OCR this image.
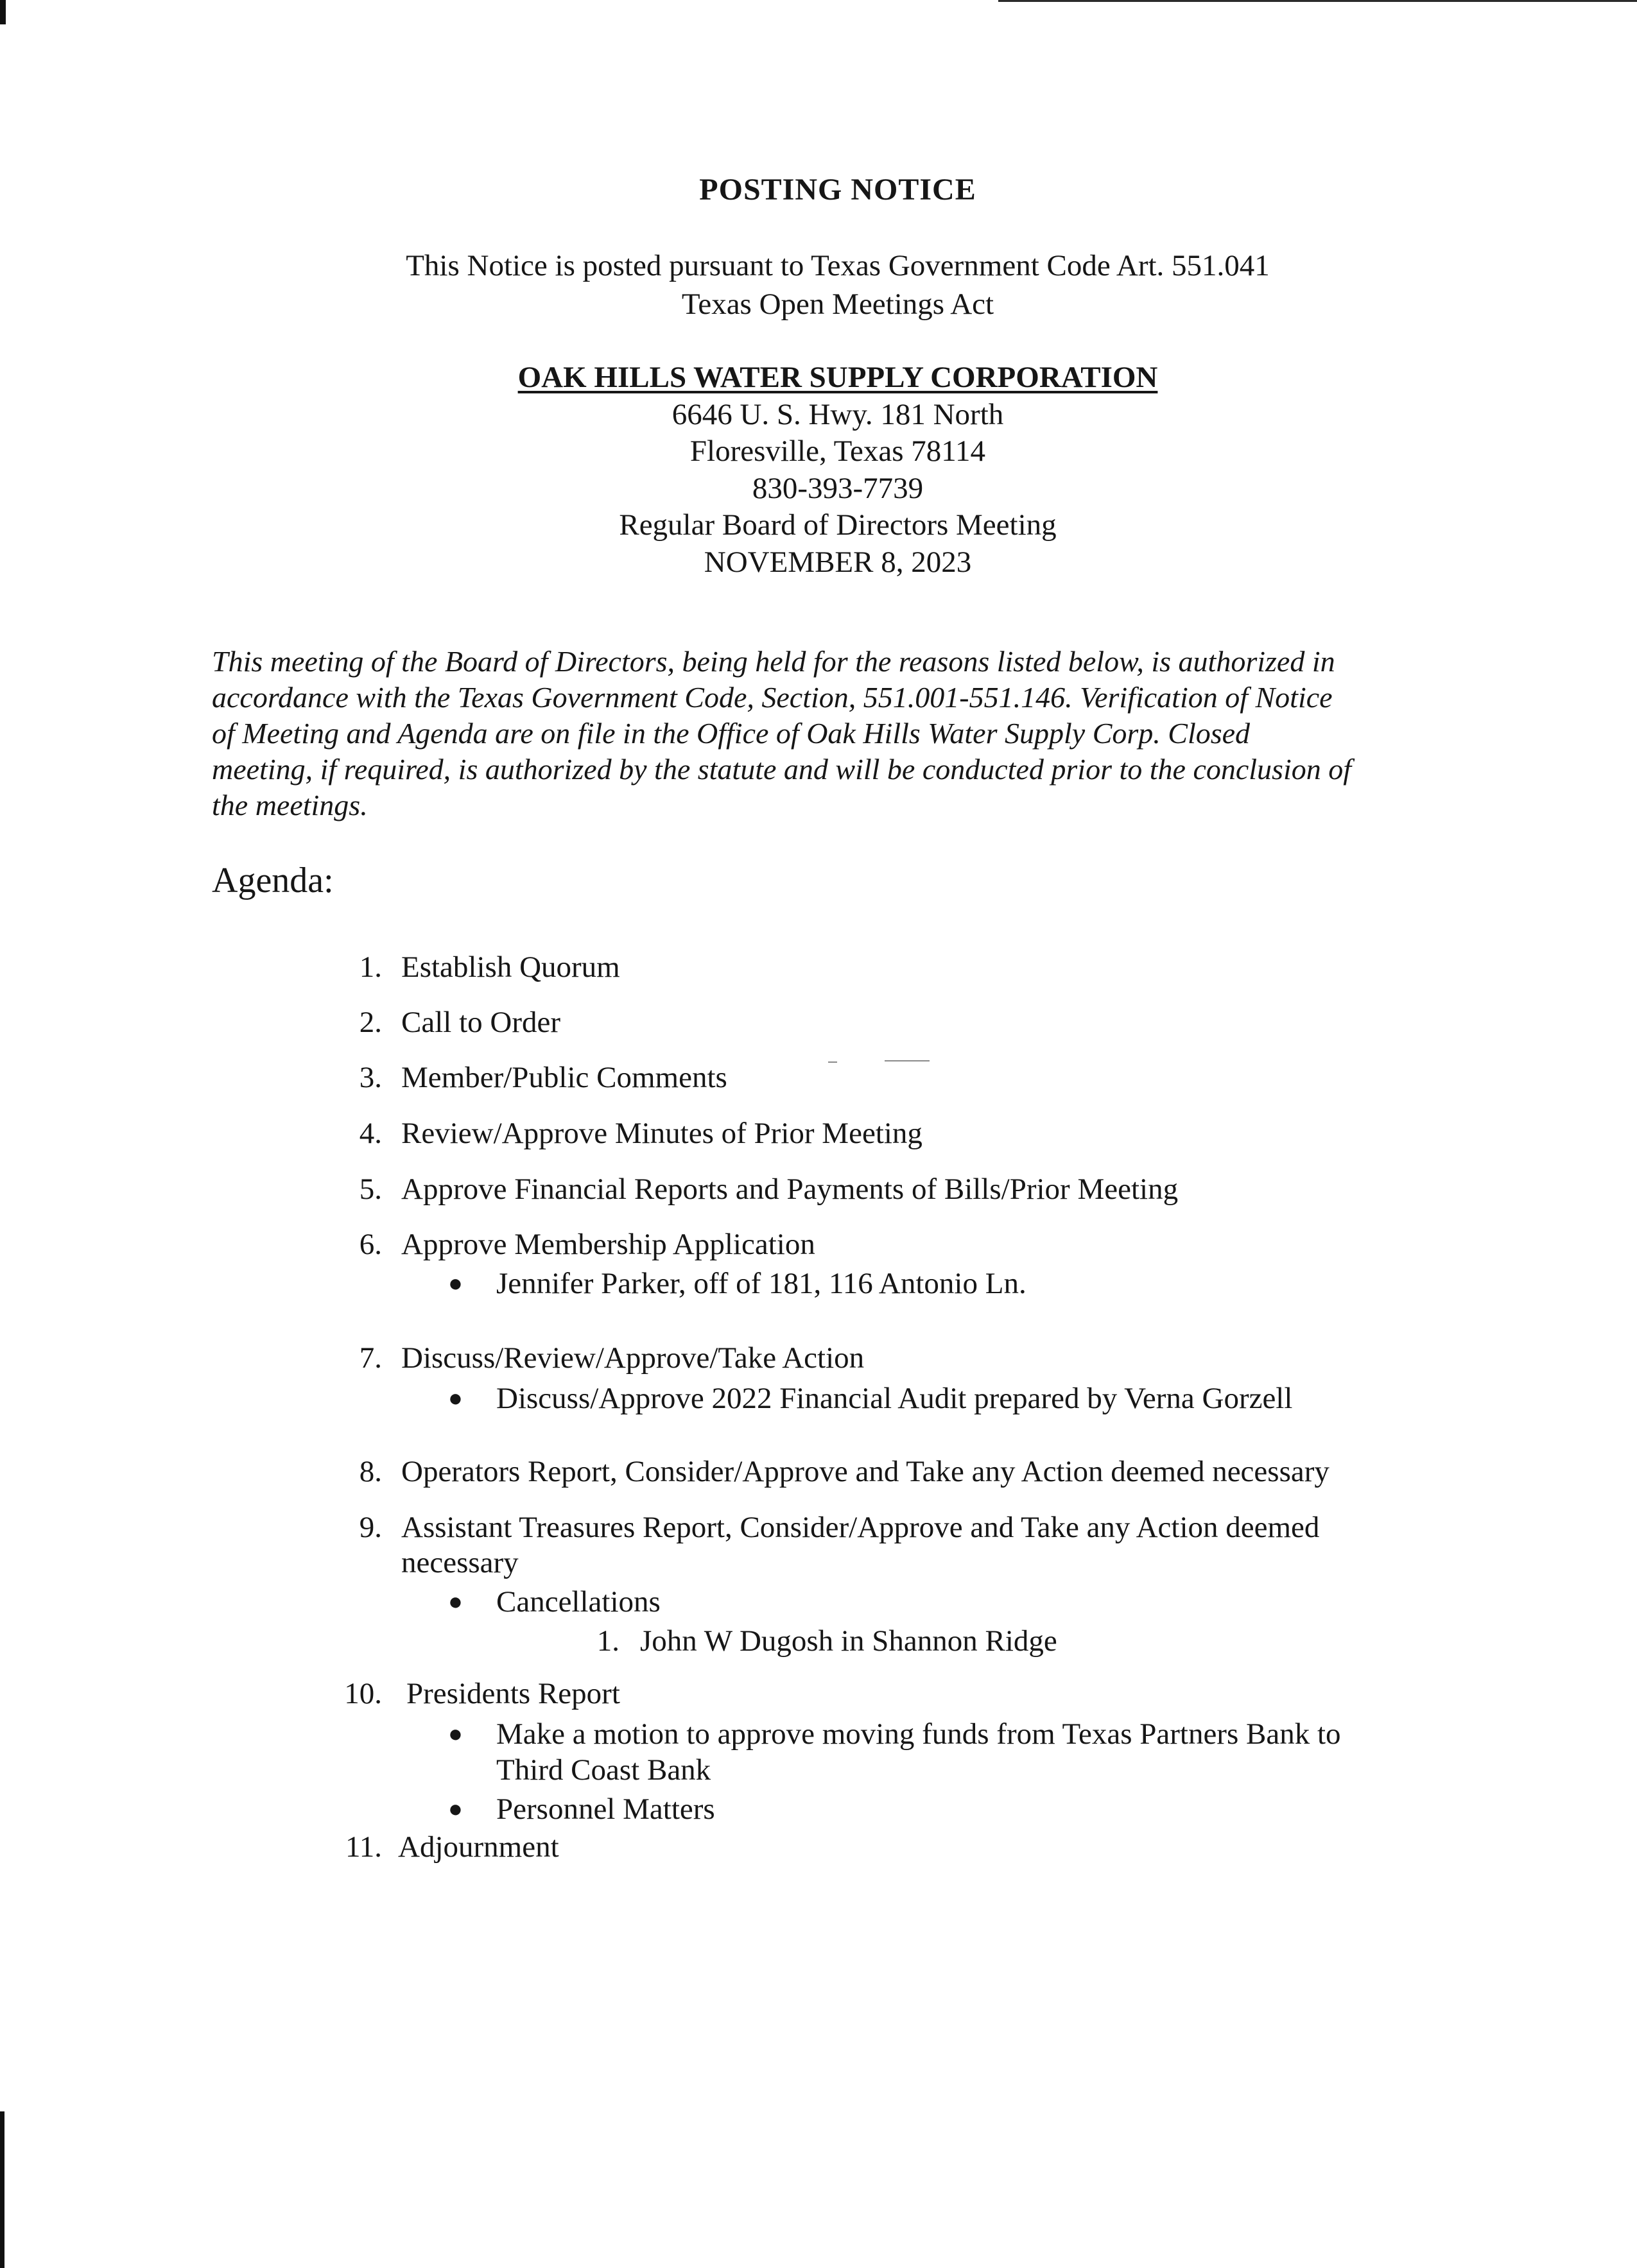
POSTING NOTICE
This Notice is posted pursuant to Texas Government Code Art. 551.041
Texas Open Meetings Act
OAK HILLS WATER SUPPLY CORPORATION
6646 U. S. Hwy. 181 North
Floresville, Texas 78114
830-393-7739
Regular Board of Directors Meeting
NOVEMBER 8, 2023
This meeting of the Board of Directors, being held for the reasons listed below, is authorized in
accordance with the Texas Government Code, Section, 551.001-551.146. Verification of Notice
of Meeting and Agenda are on file in the Office of Oak Hills Water Supply Corp. Closed
meeting, if required, is authorized by the statute and will be conducted prior to the conclusion of
the meetings.
Agenda:
1. Establish Quorum
2. Call to Order
3. Member/Public Comments
4. Review/Approve Minutes of Prior Meeting
5. Approve Financial Reports and Payments of Bills/Prior Meeting
6. Approve Membership Application
● Jennifer Parker, off of 181, 116 Antonio Ln.
7. Discuss/Review/Approve/Take Action
● Discuss/Approve 2022 Financial Audit prepared by Verna Gorzell
8. Operators Report, Consider/Approve and Take any Action deemed necessary
9. Assistant Treasures Report, Consider/Approve and Take any Action deemed
necessary
● Cancellations
1. John W Dugosh in Shannon Ridge
10. Presidents Report
● Make a motion to approve moving funds from Texas Partners Bank to
Third Coast Bank
● Personnel Matters
11. Adjournment
